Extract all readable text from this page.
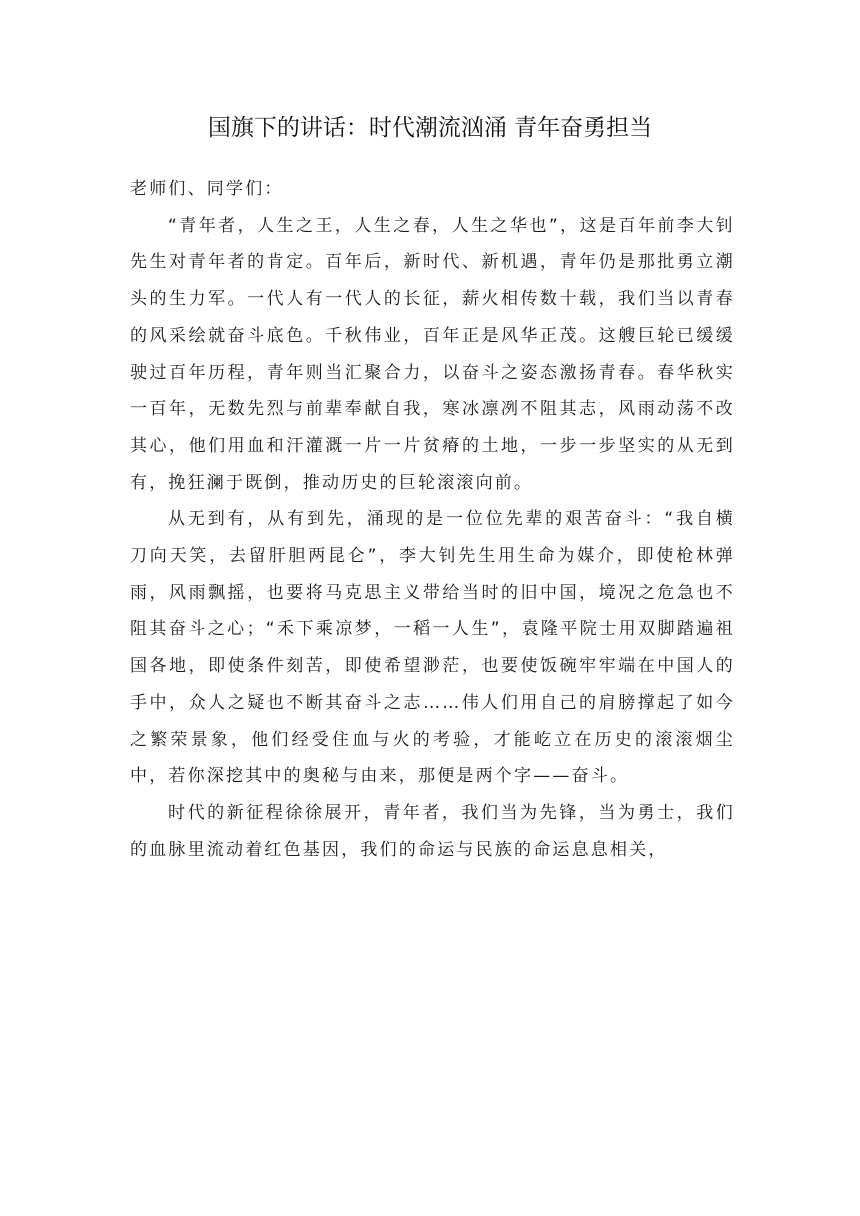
国旗下的讲话：时代潮流汹涌 青年奋勇担当

老师们、同学们：

“青年者，人生之王，人生之春，人生之华也”，这是百年前李大钊先生对青年者的肯定。百年后，新时代、新机遇，青年仍是那批勇立潮头的生力军。一代人有一代人的长征，薪火相传数十载，我们当以青春的风采绘就奋斗底色。千秋伟业，百年正是风华正茂。这艘巨轮已缓缓驶过百年历程，青年则当汇聚合力，以奋斗之姿态激扬青春。春华秋实一百年，无数先烈与前辈奉献自我，寒冰凛冽不阻其志，风雨动荡不改其心，他们用血和汗灌溉一片一片贫瘠的土地，一步一步坚实的从无到有，挽狂澜于既倒，推动历史的巨轮滚滚向前。

从无到有，从有到先，涌现的是一位位先辈的艰苦奋斗：“我自横刀向天笑，去留肝胆两昆仑”，李大钊先生用生命为媒介，即使枪林弹雨，风雨飘摇，也要将马克思主义带给当时的旧中国，境况之危急也不阻其奋斗之心；“禾下乘凉梦，一稻一人生”，袁隆平院士用双脚踏遍祖国各地，即使条件刻苦，即使希望渺茫，也要使饭碗牢牢端在中国人的手中，众人之疑也不断其奋斗之志……伟人们用自己的肩膀撑起了如今之繁荣景象，他们经受住血与火的考验，才能屹立在历史的滚滚烟尘中，若你深挖其中的奥秘与由来，那便是两个字——奋斗。

时代的新征程徐徐展开，青年者，我们当为先锋，当为勇士，我们的血脉里流动着红色基因，我们的命运与民族的命运息息相关，
